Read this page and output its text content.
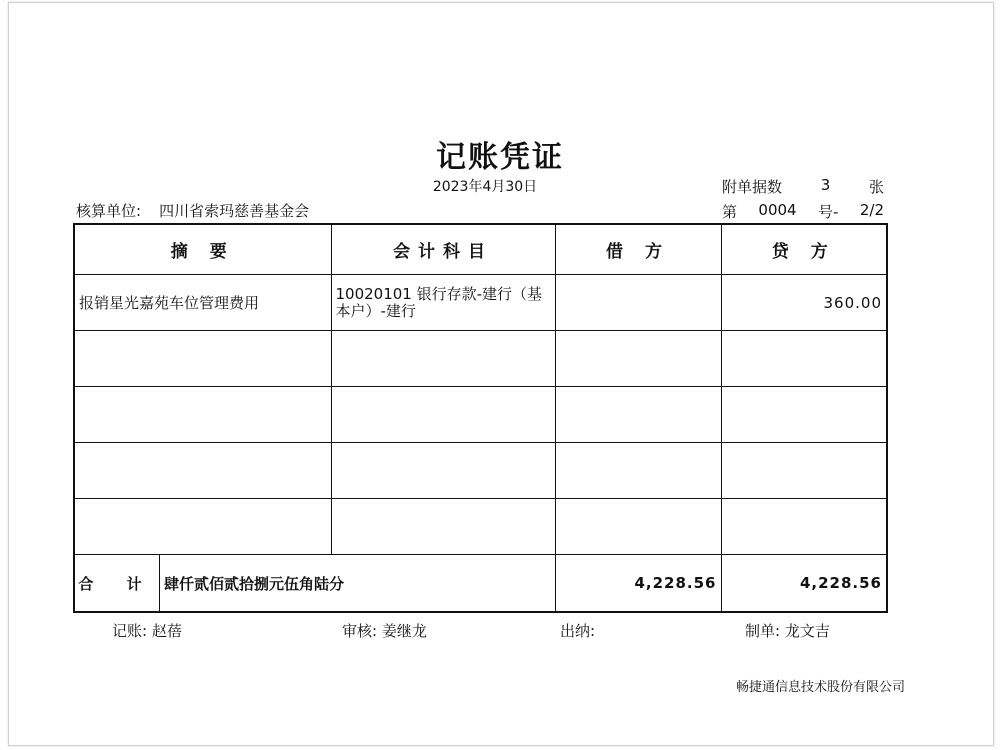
记账凭证
2023年4月30日	附单据数	3	张
核算单位: 四川省索玛慈善基金会	第 0004 号- 2/2
摘 要	会计科目	借 方	贷 方
报销星光嘉苑车位管理费用	10020101 银行存款-建行（基本户）-建行		360.00

合 计 肆仟贰佰贰拾捌元伍角陆分		4,228.56	4,228.56
记账: 赵蓓	审核: 姜继龙	出纳:	制单: 龙文吉
畅捷通信息技术股份有限公司
